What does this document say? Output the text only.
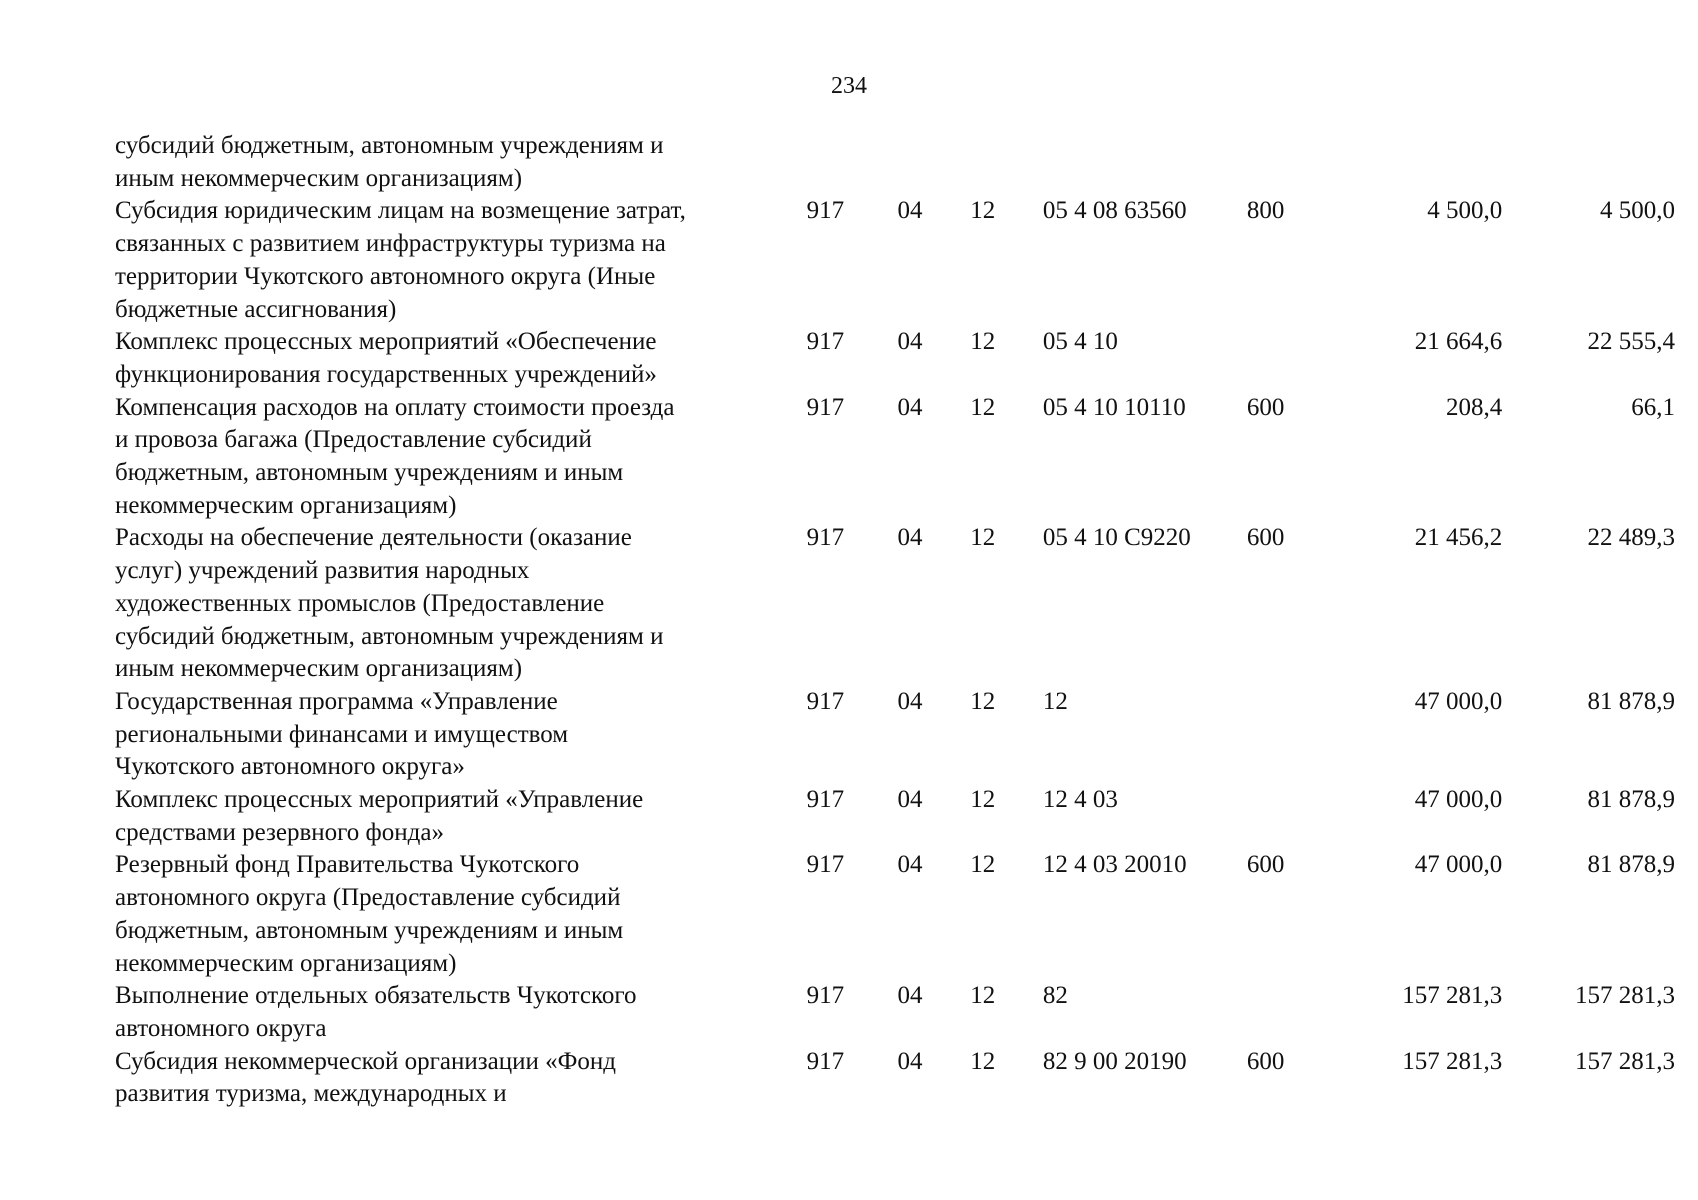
234
субсидий бюджетным, автономным учреждениям и
иным некоммерческим организациям)							

Субсидия юридическим лицам на возмещение затрат,
связанных с развитием инфраструктуры туризма на
территории Чукотского автономного округа (Иные
бюджетные ассигнования)	917	04	12	05 4 08 63560	800	4 500,0	4 500,0

Комплекс процессных мероприятий «Обеспечение
функционирования государственных учреждений»	917	04	12	05 4 10		21 664,6	22 555,4

Компенсация расходов на оплату стоимости проезда
и провоза багажа (Предоставление субсидий
бюджетным, автономным учреждениям и иным
некоммерческим организациям)	917	04	12	05 4 10 10110	600	208,4	66,1

Расходы на обеспечение деятельности (оказание
услуг) учреждений развития народных
художественных промыслов (Предоставление
субсидий бюджетным, автономным учреждениям и
иным некоммерческим организациям)	917	04	12	05 4 10 С9220	600	21 456,2	22 489,3

Государственная программа «Управление
региональными финансами и имуществом
Чукотского автономного округа»	917	04	12	12		47 000,0	81 878,9

Комплекс процессных мероприятий «Управление
средствами резервного фонда»	917	04	12	12 4 03		47 000,0	81 878,9

Резервный фонд Правительства Чукотского
автономного округа (Предоставление субсидий
бюджетным, автономным учреждениям и иным
некоммерческим организациям)	917	04	12	12 4 03 20010	600	47 000,0	81 878,9

Выполнение отдельных обязательств Чукотского
автономного округа	917	04	12	82		157 281,3	157 281,3

Субсидия некоммерческой организации «Фонд
развития туризма, международных и	917	04	12	82 9 00 20190	600	157 281,3	157 281,3
